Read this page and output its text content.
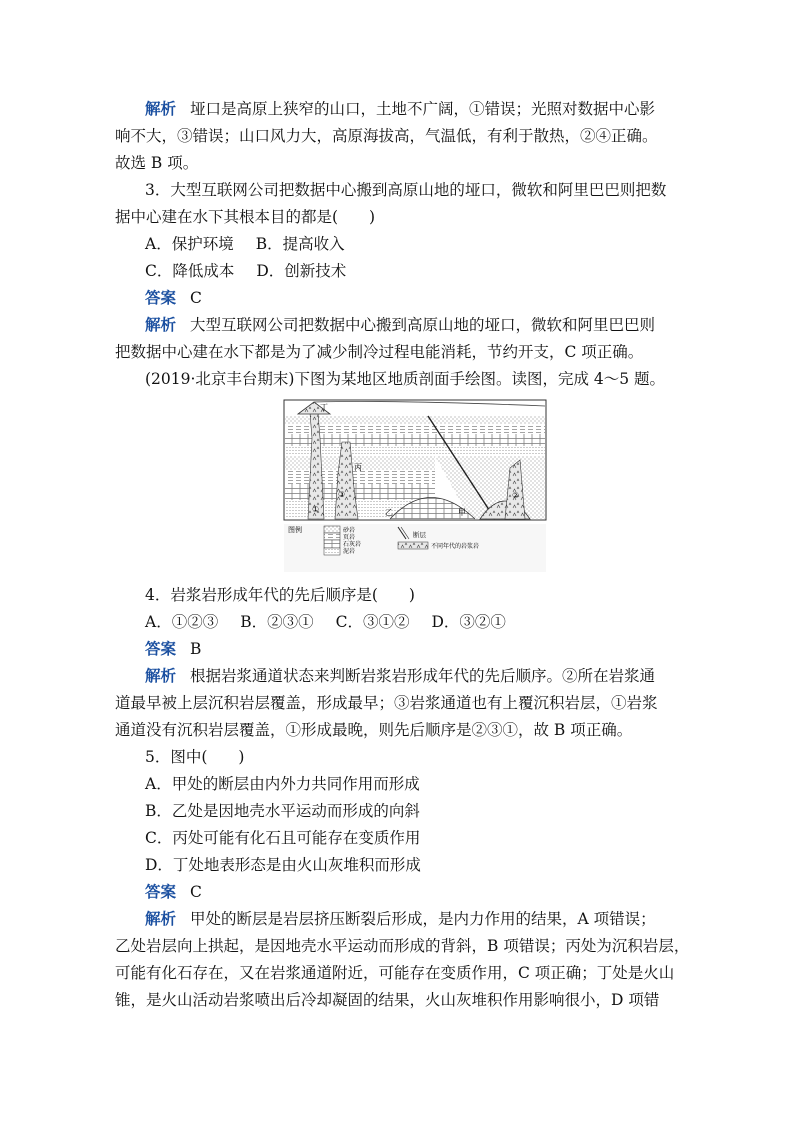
解析 垭口是高原上狭窄的山口，土地不广阔，①错误；光照对数据中心影
响不大，③错误；山口风力大，高原海拔高，气温低，有利于散热，②④正确。
故选 B 项。
3．大型互联网公司把数据中心搬到高原山地的垭口，微软和阿里巴巴则把数
据中心建在水下其根本目的都是(　　)
A．保护环境 B．提高收入
C．降低成本 D．创新技术
答案 C
解析 大型互联网公司把数据中心搬到高原山地的垭口，微软和阿里巴巴则
把数据中心建在水下都是为了减少制冷过程电能消耗，节约开支，C 项正确。
(2019·北京丰台期末)下图为某地区地质剖面手绘图。读图，完成 4～5 题。
丁
丙
乙	甲
①
②
③
图例	砂岩
页岩
石灰岩
泥岩
断层
不同年代的岩浆岩
4．岩浆岩形成年代的先后顺序是(　　)
A．①②③ B．②③① C．③①② D．③②①
答案 B
解析 根据岩浆通道状态来判断岩浆岩形成年代的先后顺序。②所在岩浆通
道最早被上层沉积岩层覆盖，形成最早；③岩浆通道也有上覆沉积岩层，①岩浆
通道没有沉积岩层覆盖，①形成最晚，则先后顺序是②③①，故 B 项正确。
5．图中(　　)
A．甲处的断层由内外力共同作用而形成
B．乙处是因地壳水平运动而形成的向斜
C．丙处可能有化石且可能存在变质作用
D．丁处地表形态是由火山灰堆积而形成
答案 C
解析 甲处的断层是岩层挤压断裂后形成，是内力作用的结果，A 项错误；
乙处岩层向上拱起，是因地壳水平运动而形成的背斜，B 项错误；丙处为沉积岩层，
可能有化石存在，又在岩浆通道附近，可能存在变质作用，C 项正确；丁处是火山
锥，是火山活动岩浆喷出后冷却凝固的结果，火山灰堆积作用影响很小，D 项错
